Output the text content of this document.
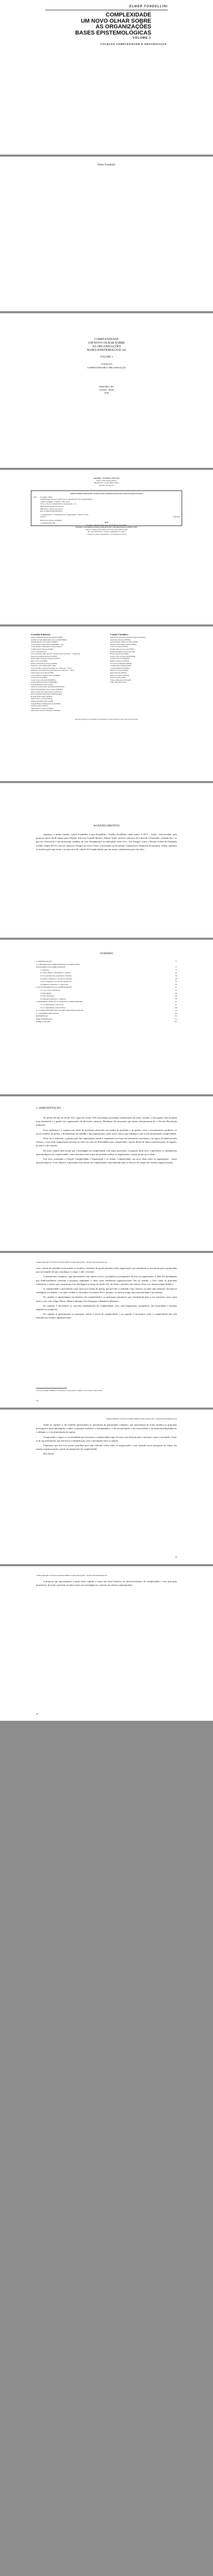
ELMER FONDELLINI
COMPLEXIDADE
UM NOVO OLHAR SOBRE
AS ORGANIZAÇÕES
BASES EPISTEMOLÓGICAS
VOLUME 1
COLEÇÃO COMPLEXIDADE E ORGANIZAÇÃO
Elmer Fondellini
COMPLEXIDADE
UM NOVO OLHAR SOBRE
AS ORGANIZAÇÕES
BASES EPISTEMOLÓGICAS
VOLUME 1
COLEÇÃO
COMPLEXIDADE E ORGANIZAÇÃO
EDITORA CRV
Curitiba – Brasil
2018
Copyright © da Editora CRV Ltda.
Editor-chefe: Railson Moura
Diagramação e Capa: Diniz Gomes
Revisão: Os Autores
DADOS INTERNACIONAIS DE CATALOGAÇÃO NA PUBLICAÇÃO (CIP) CATALOGAÇÃO NA FONTE
F673 Fondellini, Elmer.
Complexidade: um novo olhar sobre as organizações bases epistemológicas
/ Elmer Fondellini – Curitiba : CRV, 2018.
138 p. (Coleção Complexidade e Organização, v. 1)
ISBN Digital 978-85-444-2594-5
ISBN Físico 978-85-444-2595-2
DOI 10.24824/978854442595.2
1. Administração 2. Organizações 3. Complexidade I. Título II. Série.
CDU 65	CDD 658
Índice para catálogo sistemático
1. Administração 658	2018
Foi feito o depósito legal conf. Lei 10.994 de 14/12/2004
Proibida a reprodução parcial ou total desta obra sem autorização da Editora CRV
Todos os direitos desta edição reservados pela: Editora CRV
Tel.: (41) 3039-6418 – E-mail: sac@editoracrv.com.br
Conheça os nossos lançamentos: www.editoracrv.com.br
Conselho Editorial:
Aldira Guimarães Duarte Domínguez (UNB)
Andréia da Silva Quintanilha Sousa (UNIR/UFRN)
Antônio Pereira Gaio Júnior (UFRRJ)
Carlos Alberto Vilar Estêvão (UMINHO – PT)
Carlos Federico Dominguez Avila (Unieuro)
Carmen Tereza Velanga (UNIR)
Celso Conti (UFSCar)
Cesar Gerónimo Tello (Univer .Nacional Três de Febrero – Argentina)
Eduardo Fernandes Barbosa (UFMG)
Elione Maria Nogueira Diogenes (UFAL)
Élsio José Corá (UFFS)
Elizeu Clementino de Souza (UNEB)
Francisco Carlos Duarte (PUC-PR)
Gloria Fariñas León (Universidade de La Havana – Cuba)
Guillermo Arias Beatón (Universidade de La Havana – Cuba)
Jailson Alves dos Santos (UFRJ)
João Adalberto Campato Junior (UNESP)
Josania Portela (UFPI)
Leonel Severo Rocha (UNISINOS)
Lídia de Oliveira Xavier (UNIEURO)
Lourdes Helena da Silva (UFV)
Maria de Lourdes Pinto de Almeida (UNOESC)
Maria Lília Imbiriba Sousa Colares (UFOPA)
Maria Cristina dos Santos Bezerra (UFSCar)
Paulo Romualdo Hernandes (UNIFAL-MG)
Rodrigo Pratte-Santos (UFES)
Sérgio Nunes de Jesus (IFRO)
Simone Rodrigues Pinto (UNB)
Solange Helena Ximenes-Rocha (UFOPA)
Sydione Santos (UEPG)
Tadeu Oliver Gonçalves (UFPA)
Tania Suely Azevedo Brasileiro (UFOPA)
Comitê Científico:
Adriane Piovezan (Faculdades Integradas Espírita)
Alexandre Pierezan (UFMS)
Andre Eduardo Ribeiro da Silva (IFSP)
Antônio Jesus Muniz Zanella (UFRJ)
Carlos Leonardo (UFRS)
Claudio Roberto da Costa (UFPE)
Daniel Rodrigues Silva (Seduc-PR)
Elizeu Chiochetta (UFPR)
Gerson Luiz de Freitas (UNESPAR)
Gislaine Silva (UNISINOS)
Helena Gonçalves (UFRN)
José Luiz Guimarães (UNESP)
Joseph Ramos Siqueira (FAE)
Luciano Meirelles (UFPEL)
Maria do Carmo (UFMG)
Patricia Rocha (UFBA)
Renato Carvalho (UNESA)
Sandra Ferreira (UFF)
Thiago Almeida (UNICAMP)
Valter Pinto (PUC-RS)
Este livro passou por avaliação e aprovação às cegas de dois ou mais pareceristas ad hoc.
AGRADECIMENTOS
Agradeço a minha família: Letícia Fondellini, Laura Fondellini e Natalia Fondellini, razão maior. A FGV – Cedoc. Universidade, pelo generoso apoio desde espaço para reflexão. Em Lara Gomide Rocha e Alberto Suthe, mestres valorosos de Lanciotti e Fernandes, caminho tão e os que me ofereceram e me mostraram cuidados de seus Fundamentos na elaboração deste livro. Aos Amigos, Lúcia e Renato Schein da Fundação Getúlio Vargas (FGV), que me valorosos Amigos do nosso Centro e Atividades na Economia Cooperativa e Empresas de pesquisa. Enfim, agradeço as interlocuções que foram a seu percurso de cada de de Complexidade, que em muito contribuíram para esta obra.
SUMÁRIO
1. APRESENTAÇÃO	13
2. A HISTÓRIA DA COMPLEXIDADE E OS PRINCIPAIS
PENSADORES DA COMPLEXIDADE	17
2.1 Histórico	17
2.2 Edgar Morin: o Pensamento Complexo	20
2.3 Os operadores do pensamento complexo	24
2.4 Niklas Luhmann e a Teoria dos Sistemas	28
2.5 Ilya Prigogine e os sistemas dissipativos	31
2.6 Humberto Maturana e a Autopoiese	35
3. OS FUNDAMENTOS DA COMPLEXIDADE	41
3.1 Caos e auto-organização	41
3.2 Emergência	46
3.3 Não linearidade	49
3.4 Sistemas adaptativos complexos	53
4. PRINCIPAIS CRÍTICAS À TEORIA DA COMPLEXIDADE	61
4.1 A complexidade como moda	61
4.2 A complexidade como metáfora	66
5. A COMPLEXIDADE NOS ESTUDOS ORGANIZACIONAIS	73
6. CONSIDERAÇÕES FINAIS	89
REFERÊNCIAS	95
ÍNDICE REMISSIVO	131
SOBRE O AUTOR	137
1. APRESENTAÇÃO

No último décimo do século XX e agora do século XXI, percebemos profundas modificações em todo o mundo, e este quadro vem tornando mais desafiador e a gestão das organizações de diferentes natureza. Mudanças tão marcantes que muitos denominaram de a Terceira Revolução Industrial.

Estas mudanças e a urgente tem efeito de profundas alterações nos modos de produção e de gestão, como a reestruturação produtiva, os novos modelos de gestão, a flexibilização do trabalho e das organizações, entre outros fatores que ampliam o que se tem denominado complexidade.

Neste novo ambiente, a grande parte das organizações ainda é organizada com base nas premissas cartesianas e da lógica da administração clássica, e essa visão fragmentada encontra-se cada vez mais em dificuldades para compreender e operar diante de tantas transformações, de lugares, de atores e de relações.

Há neste cenário uma lacuna que a abordagem da complexidade vem tentar preencher. A proposta deste livro é apresentar os fundamentos epistemológicos da complexidade, como uma base teórica que nos permita analisar as organizações a partir de um novo olhar.

Este livro contempla a Coleção Complexidade e Organização e se chama: Complexidade: um novo olhar sobre as organizações – bases epistemológicas. O seu objetivo é apresentar uma síntese da complexidade, especialmente para os leitores do campo dos estudos organizacionais.

COMPLEXIDADE: UM NOVO OLHAR SOBRE AS ORGANIZAÇÕES – BASES EPISTEMOLÓGICAS

com o intuito de subsidiar teoricamente os modelos e métodos de gestão adotados pelas organizações que atualmente se encontram pouco preparadas para um mundo em que a mudança é a regra, e não a exceção.

O pensamento complexo, aqui apresentado como aporte teórico, possibilita ao pesquisador da área de organizações ir além dos paradigmas que tradicionalmente orientam a pesquisa, ampliando o olhar sobre fenômenos organizacionais. Em tal sentido, o livro reúne as principais referências e autores que construíram essa abordagem ao longo do século XX, de forma a permitir uma leitura crítica e ao mesmo tempo didática.

A complexidade é apresentada como uma nova forma de pensar, que percebe a realidade como sistema, no qual cada elemento encontra-se interligado aos demais, e no qual a ordem e a desordem coexistem. Ela é, portanto, ao mesmo tempo uma epistemologia e um método.

No capítulo 2, apresentamos um histórico da complexidade e os principais pensadores que contribuíram para a sua formação como corpo teórico, tais como Edgar Morin, Niklas Luhmann, Ilya Prigogine e Humberto Maturana.

No capítulo 3, discutimos os conceitos fundamentais da complexidade: caos, auto-organização, emergência, não linearidade e sistemas adaptativos complexos.

No capítulo 4, apresentamos as principais críticas à teoria da complexidade, e no capítulo 5 discutimos como a complexidade tem sido utilizada nos estudos organizacionais.

1 Ver, por exemplo, MORIN, E. Introdução ao pensamento complexo. Porto Alegre: Sulina, 2005.
14
COMPLEXIDADE: UM NOVO OLHAR SOBRE AS ORGANIZAÇÕES – BASES EPISTEMOLÓGICAS

Ainda no capítulo 2, são também apresentados os operadores do pensamento complexo, que representam de forma sintética os principais pressupostos dessa abordagem, a saber: o princípio sistêmico, o hologramático, o da retroatividade, o da recursividade, o da autonomia/dependência, o dialógico e o da reintrodução do sujeito.

Compreender a lógica e a racionalidade que norteiam a complexidade exige do leitor uma abertura para a incerteza e para o inacabado. Trata-se de um pensamento que não busca a simplificação, mas a articulação entre os saberes.

Esperamos que este livro possa contribuir para uma reflexão crítica sobre as organizações e que estimule novas pesquisas no campo dos estudos organizacionais a partir da perspectiva da complexidade.

Boa leitura!

15
COMPLEXIDADE: UM NOVO OLHAR SOBRE AS ORGANIZAÇÕES – BASES EPISTEMOLÓGICAS

A proposta que apresentamos a partir deste capítulo é traçar um breve histórico do desenvolvimento da complexidade e seus principais pensadores, de modo a permitir ao leitor situar essa abordagem no contexto da ciência contemporânea.

16
